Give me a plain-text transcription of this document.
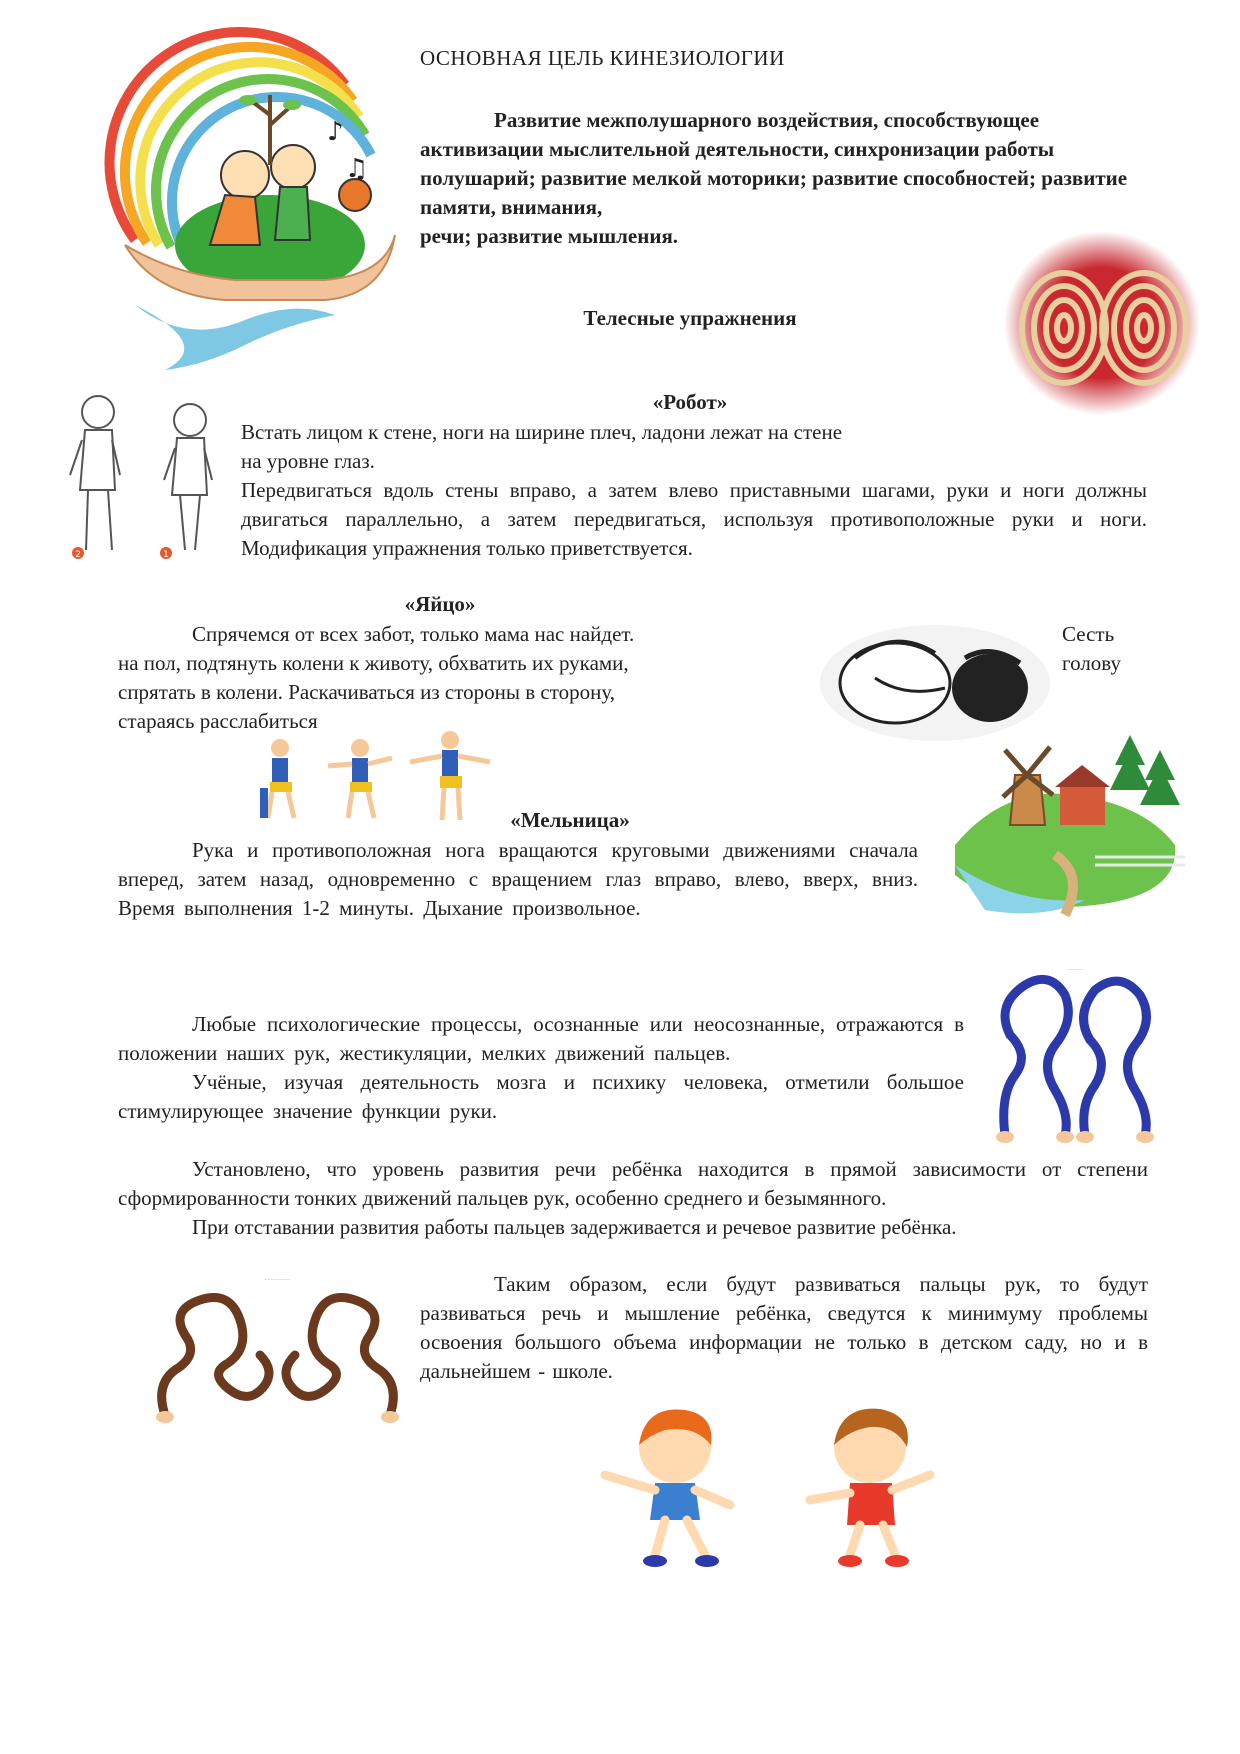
ОСНОВНАЯ ЦЕЛЬ КИНЕЗИОЛОГИИ

Развитие межполушарного воздействия, способствующее активизации мыслительной деятельности, синхронизации работы полушарий; развитие мелкой моторики; развитие способностей; развитие памяти, внимания,

речи; развитие мышления.

♪
♫
Телесные упражнения
2	1
«Робот»

Встать лицом к стене, ноги на ширине плеч, ладони лежат на стене

на уровне глаз.

Передвигаться вдоль стены вправо, а затем влево приставными шагами, руки и ноги должны двигаться параллельно, а затем передвигаться, используя противоположные руки и ноги. Модификация упражнения только приветствуется.

«Яйцо»

Спрячемся от всех забот, только мама нас найдет.

на пол, подтянуть колени к животу, обхватить их руками,

спрятать в колени. Раскачиваться из стороны в сторону,

стараясь расслабиться

Сесть

голову

«Мельница»
Рука и противоположная нога вращаются круговыми движениями сначала вперед, затем назад, одновременно с вращением глаз вправо, влево, вверх, вниз. Время выполнения 1-2 минуты. Дыхание произвольное.
··········

Любые психологические процессы, осознанные или неосознанные, отражаются в положении наших рук, жестикуляции, мелких движений пальцев.

Учёные, изучая деятельность мозга и психику человека, отметили большое стимулирующее значение функции руки.

Установлено, что уровень развития речи ребёнка находится в прямой зависимости от степени сформированности тонких движений пальцев рук, особенно среднего и безымянного.

При отставании развития работы пальцев задерживается и речевое развитие ребёнка.

················	Таким образом, если будут развиваться пальцы рук, то будут развиваться речь и мышление ребёнка, сведутся к минимуму проблемы освоения большого объема информации не только в детском саду, но и в дальнейшем - школе.
